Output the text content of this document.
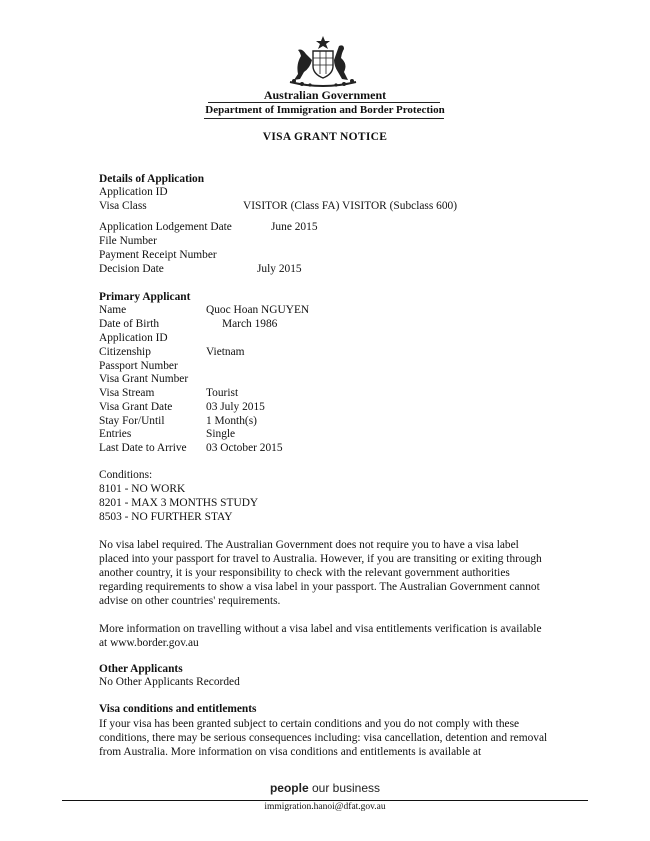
Australian Government
Department of Immigration and Border Protection
VISA GRANT NOTICE
Details of Application
Application ID
Visa Class	VISITOR (Class FA) VISITOR (Subclass 600)
Application Lodgement Date	June 2015
File Number
Payment Receipt Number
Decision Date	July 2015
Primary Applicant
Name	Quoc Hoan NGUYEN
Date of Birth	March 1986
Application ID
Citizenship	Vietnam
Passport Number
Visa Grant Number
Visa Stream	Tourist
Visa Grant Date	03 July 2015
Stay For/Until	1 Month(s)
Entries	Single
Last Date to Arrive 03 October 2015
Conditions:
8101 - NO WORK
8201 - MAX 3 MONTHS STUDY
8503 - NO FURTHER STAY
No visa label required. The Australian Government does not require you to have a visa label placed into your passport for travel to Australia. However, if you are transiting or exiting through another country, it is your responsibility to check with the relevant government authorities regarding requirements to show a visa label in your passport. The Australian Government cannot advise on other countries' requirements.
More information on travelling without a visa label and visa entitlements verification is available at www.border.gov.au
Other Applicants
No Other Applicants Recorded
Visa conditions and entitlements
If your visa has been granted subject to certain conditions and you do not comply with these conditions, there may be serious consequences including: visa cancellation, detention and removal from Australia. More information on visa conditions and entitlements is available at
people our business
immigration.hanoi@dfat.gov.au
